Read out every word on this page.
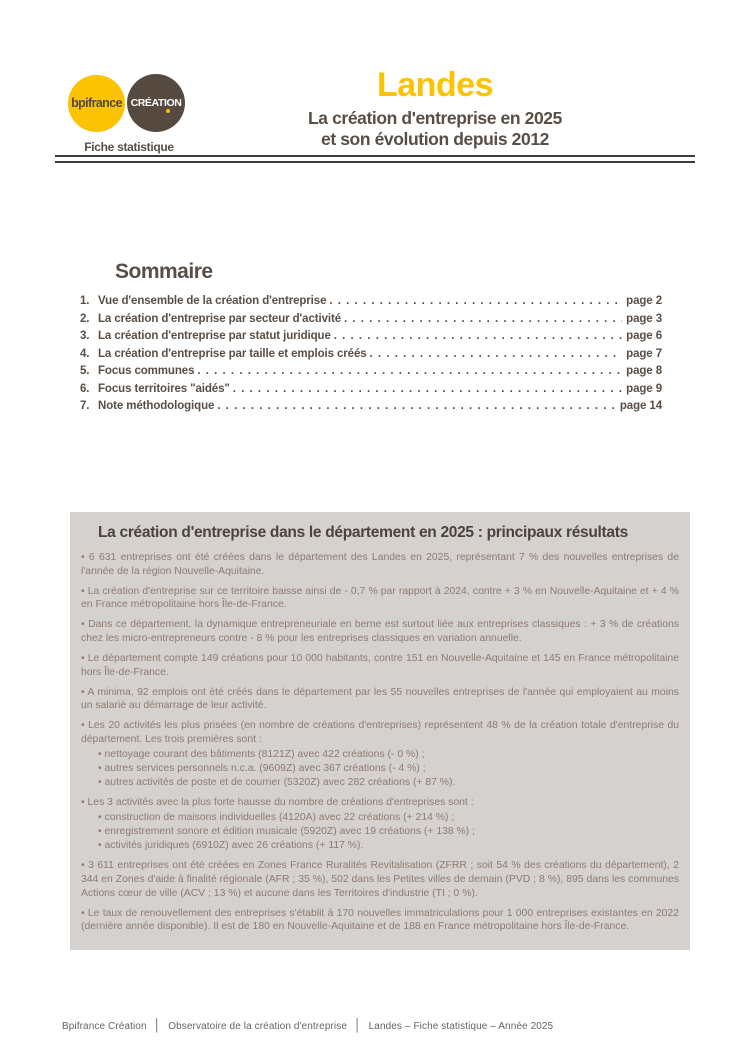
bpifrance CRÉATION
Fiche statistique
Landes
La création d'entreprise en 2025
et son évolution depuis 2012
Sommaire
1. Vue d'ensemble de la création d'entreprise . . .	page 2
2. La création d'entreprise par secteur d'activité . . .	page 3
3. La création d'entreprise par statut juridique . . .	page 6
4. La création d'entreprise par taille et emplois créés . . .	page 7
5. Focus communes . . .	page 8
6. Focus territoires "aidés" . . .	page 9
7. Note méthodologique . . .	page 14
La création d'entreprise dans le département en 2025 : principaux résultats
• 6 631 entreprises ont été créées dans le département des Landes en 2025, représentant 7 % des nouvelles entreprises de l'année de la région Nouvelle-Aquitaine.
• La création d'entreprise sur ce territoire baisse ainsi de - 0,7 % par rapport à 2024, contre + 3 % en Nouvelle-Aquitaine et + 4 % en France métropolitaine hors Île-de-France.
• Dans ce département, la dynamique entrepreneuriale en berne est surtout liée aux entreprises classiques : + 3 % de créations chez les micro-entrepreneurs contre - 8 % pour les entreprises classiques en variation annuelle.
• Le département compte 149 créations pour 10 000 habitants, contre 151 en Nouvelle-Aquitaine et 145 en France métropolitaine hors Île-de-France.
• A minima, 92 emplois ont été créés dans le département par les 55 nouvelles entreprises de l'année qui employaient au moins un salarié au démarrage de leur activité.
• Les 20 activités les plus prisées (en nombre de créations d'entreprises) représentent 48 % de la création totale d'entreprise du département. Les trois premières sont :
• nettoyage courant des bâtiments (8121Z) avec 422 créations (- 0 %) ;
• autres services personnels n.c.a. (9609Z) avec 367 créations (- 4 %) ;
• autres activités de poste et de courrier (5320Z) avec 282 créations (+ 87 %).
• Les 3 activités avec la plus forte hausse du nombre de créations d'entreprises sont :
• construction de maisons individuelles (4120A) avec 22 créations (+ 214 %) ;
• enregistrement sonore et édition musicale (5920Z) avec 19 créations (+ 138 %) ;
• activités juridiques (6910Z) avec 26 créations (+ 117 %).
• 3 611 entreprises ont été créées en Zones France Ruralités Revitalisation (ZFRR ; soit 54 % des créations du département), 2 344 en Zones d'aide à finalité régionale (AFR ; 35 %), 502 dans les Petites villes de demain (PVD ; 8 %), 895 dans les communes Actions cœur de ville (ACV ; 13 %) et aucune dans les Territoires d'industrie (TI ; 0 %).
• Le taux de renouvellement des entreprises s'établit à 170 nouvelles immatriculations pour 1 000 entreprises existantes en 2022 (dernière année disponible). Il est de 180 en Nouvelle-Aquitaine et de 188 en France métropolitaine hors Île-de-France.
Bpifrance Création │ Observatoire de la création d'entreprise │ Landes – Fiche statistique – Année 2025
